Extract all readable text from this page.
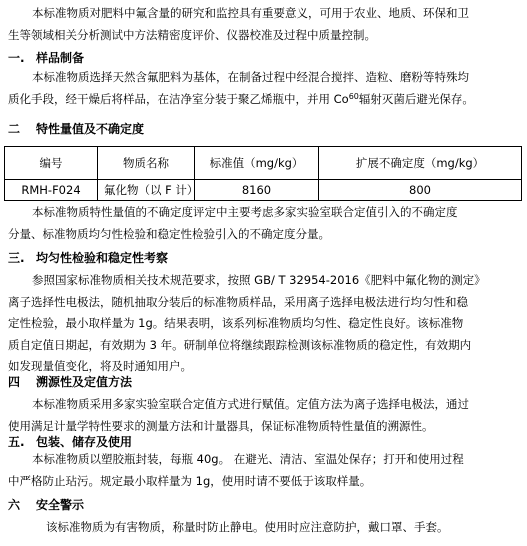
本标准物质对肥料中氟含量的研究和监控具有重要意义，可用于农业、地质、环保和卫
生等领域相关分析测试中方法精密度评价、仪器校准及过程中质量控制。
一. 样品制备
本标准物质选择天然含氟肥料为基体，在制备过程中经混合搅拌、造粒、磨粉等特殊均
质化手段，经干燥后将样品，在洁净室分装于聚乙烯瓶中，并用 Co$^{60}$辐射灭菌后避光保存。
二 特性量值及不确定度
编号	物质名称	标准值（mg/kg）	扩展不确定度（mg/kg）
RMH-F024	氟化物（以 F 计）	8160	800
本标准物质特性量值的不确定度评定中主要考虑多家实验室联合定值引入的不确定度
分量、标准物质均匀性检验和稳定性检验引入的不确定度分量。
三. 均匀性检验和稳定性考察
参照国家标准物质相关技术规范要求，按照 GB/ T 32954-2016《肥料中氟化物的测定》
离子选择性电极法，随机抽取分装后的标准物质样品，采用离子选择电极法进行均匀性和稳
定性检验，最小取样量为 1g。结果表明，该系列标准物质均匀性、稳定性良好。该标准物
质自定值日期起，有效期为 3 年。研制单位将继续跟踪检测该标准物质的稳定性，有效期内
如发现量值变化，将及时通知用户。
四 溯源性及定值方法
本标准物质采用多家实验室联合定值方式进行赋值。定值方法为离子选择电极法，通过
使用满足计量学特性要求的测量方法和计量器具，保证标准物质特性量值的溯源性。
五. 包装、储存及使用
本标准物质以塑胶瓶封装，每瓶 40g。 在避光、清洁、室温处保存；打开和使用过程
中严格防止玷污。规定最小取样量为 1g，使用时请不要低于该取样量。
六 安全警示
该标准物质为有害物质，称量时防止静电。使用时应注意防护，戴口罩、手套。
